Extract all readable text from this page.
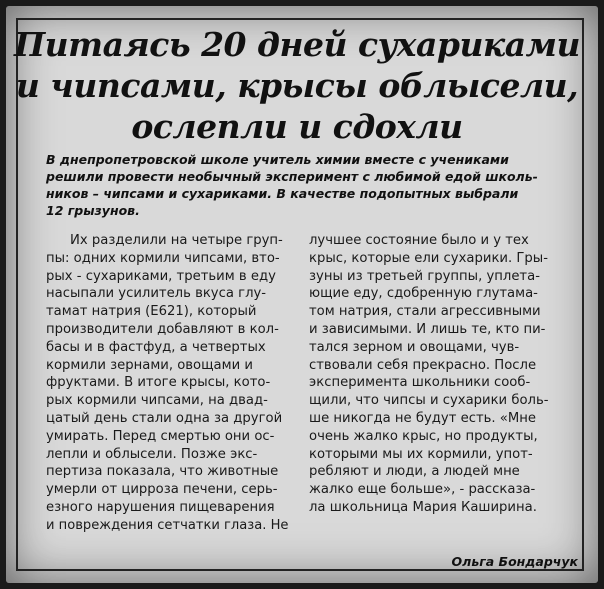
Питаясь 20 дней сухариками
и чипсами, крысы облысели,
ослепли и сдохли
В днепропетровской школе учитель химии вместе с учениками
решили провести необычный эксперимент с любимой едой школь-
ников – чипсами и сухариками. В качестве подопытных выбрали
12 грызунов.
Их разделили на четыре груп-
пы: одних кормили чипсами, вто-
рых - сухариками, третьим в еду
насыпали усилитель вкуса глу-
тамат натрия (Е621), который
производители добавляют в кол-
басы и в фастфуд, а четвертых
кормили зернами, овощами и
фруктами. В итоге крысы, кото-
рых кормили чипсами, на двад-
цатый день стали одна за другой
умирать. Перед смертью они ос-
лепли и облысели. Позже экс-
пертиза показала, что животные
умерли от цирроза печени, серь-
езного нарушения пищеварения
и повреждения сетчатки глаза. Не
лучшее состояние было и у тех
крыс, которые ели сухарики. Гры-
зуны из третьей группы, уплета-
ющие еду, сдобренную глутама-
том натрия, стали агрессивными
и зависимыми. И лишь те, кто пи-
тался зерном и овощами, чув-
ствовали себя прекрасно. После
эксперимента школьники сооб-
щили, что чипсы и сухарики боль-
ше никогда не будут есть. «Мне
очень жалко крыс, но продукты,
которыми мы их кормили, упот-
ребляют и люди, а людей мне
жалко еще больше», - рассказа-
ла школьница Мария Каширина.
Ольга Бондарчук
